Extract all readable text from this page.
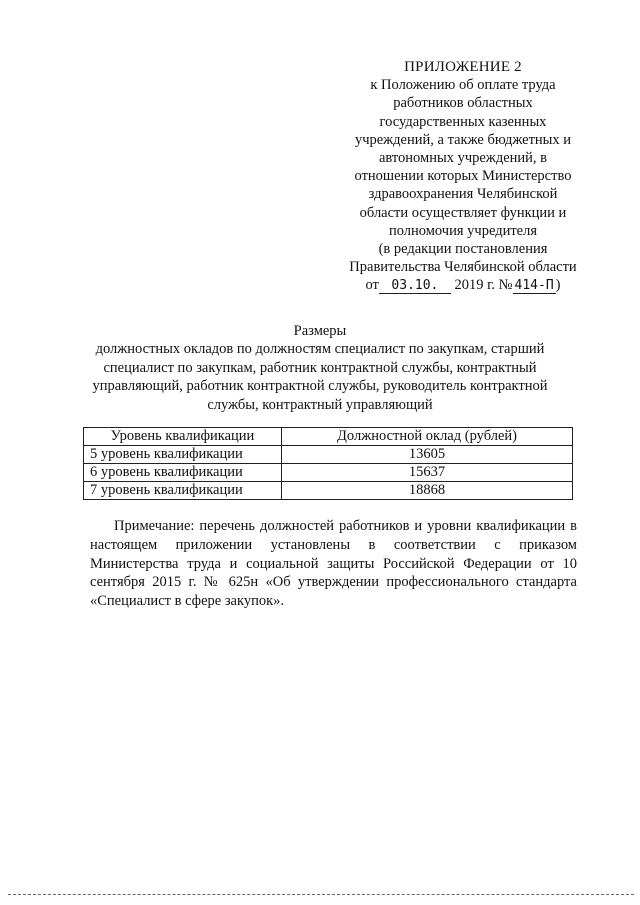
ПРИЛОЖЕНИЕ 2
к Положению об оплате труда
работников областных
государственных казенных
учреждений, а также бюджетных и
автономных учреждений, в
отношении которых Министерство
здравоохранения Челябинской
области осуществляет функции и
полномочия учредителя
(в редакции постановления
Правительства Челябинской области
от 03.10. 2019 г. № 414-П )
Размеры
должностных окладов по должностям специалист по закупкам, старший
специалист по закупкам, работник контрактной службы, контрактный
управляющий, работник контрактной службы, руководитель контрактной
службы, контрактный управляющий
Уровень квалификации	Должностной оклад (рублей)
5 уровень квалификации	13605
6 уровень квалификации	15637
7 уровень квалификации	18868
Примечание: перечень должностей работников и уровни квалификации в настоящем приложении установлены в соответствии с приказом Министерства труда и социальной защиты Российской Федерации от 10 сентября 2015 г. № 625н «Об утверждении профессионального стандарта «Специалист в сфере закупок».
